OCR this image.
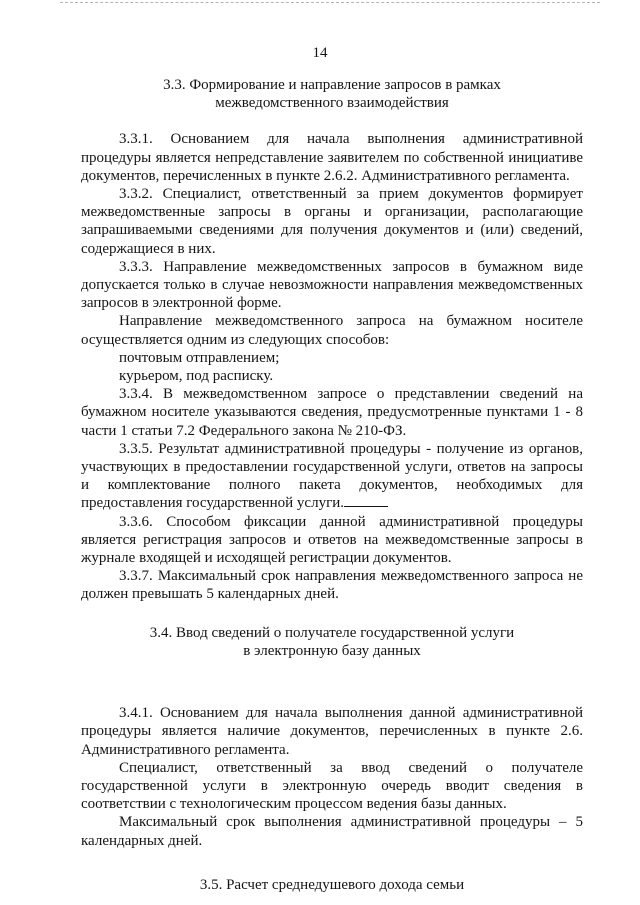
14
3.3. Формирование и направление запросов в рамках
межведомственного взаимодействия

3.3.1. Основанием для начала выполнения административной процедуры является непредставление заявителем по собственной инициативе документов, перечисленных в пункте 2.6.2. Административного регламента.

3.3.2. Специалист, ответственный за прием документов формирует межведомственные запросы в органы и организации, располагающие запрашиваемыми сведениями для получения документов и (или) сведений, содержащиеся в них.

3.3.3. Направление межведомственных запросов в бумажном виде допускается только в случае невозможности направления межведомственных запросов в электронной форме.

Направление межведомственного запроса на бумажном носителе осуществляется одним из следующих способов:

почтовым отправлением;

курьером, под расписку.

3.3.4. В межведомственном запросе о представлении сведений на бумажном носителе указываются сведения, предусмотренные пунктами 1 - 8 части 1 статьи 7.2 Федерального закона № 210-ФЗ.

3.3.5. Результат административной процедуры - получение из органов, участвующих в предоставлении государственной услуги, ответов на запросы и комплектование полного пакета документов, необходимых для предоставления государственной услуги.

3.3.6. Способом фиксации данной административной процедуры является регистрация запросов и ответов на межведомственные запросы в журнале входящей и исходящей регистрации документов.

3.3.7. Максимальный срок направления межведомственного запроса не должен превышать 5 календарных дней.

3.4. Ввод сведений о получателе государственной услуги
в электронную базу данных

3.4.1. Основанием для начала выполнения данной административной процедуры является наличие документов, перечисленных в пункте 2.6. Административного регламента.

Специалист, ответственный за ввод сведений о получателе государственной услуги в электронную очередь вводит сведения в соответствии с технологическим процессом ведения базы данных.

Максимальный срок выполнения административной процедуры – 5 календарных дней.

3.5. Расчет среднедушевого дохода семьи
